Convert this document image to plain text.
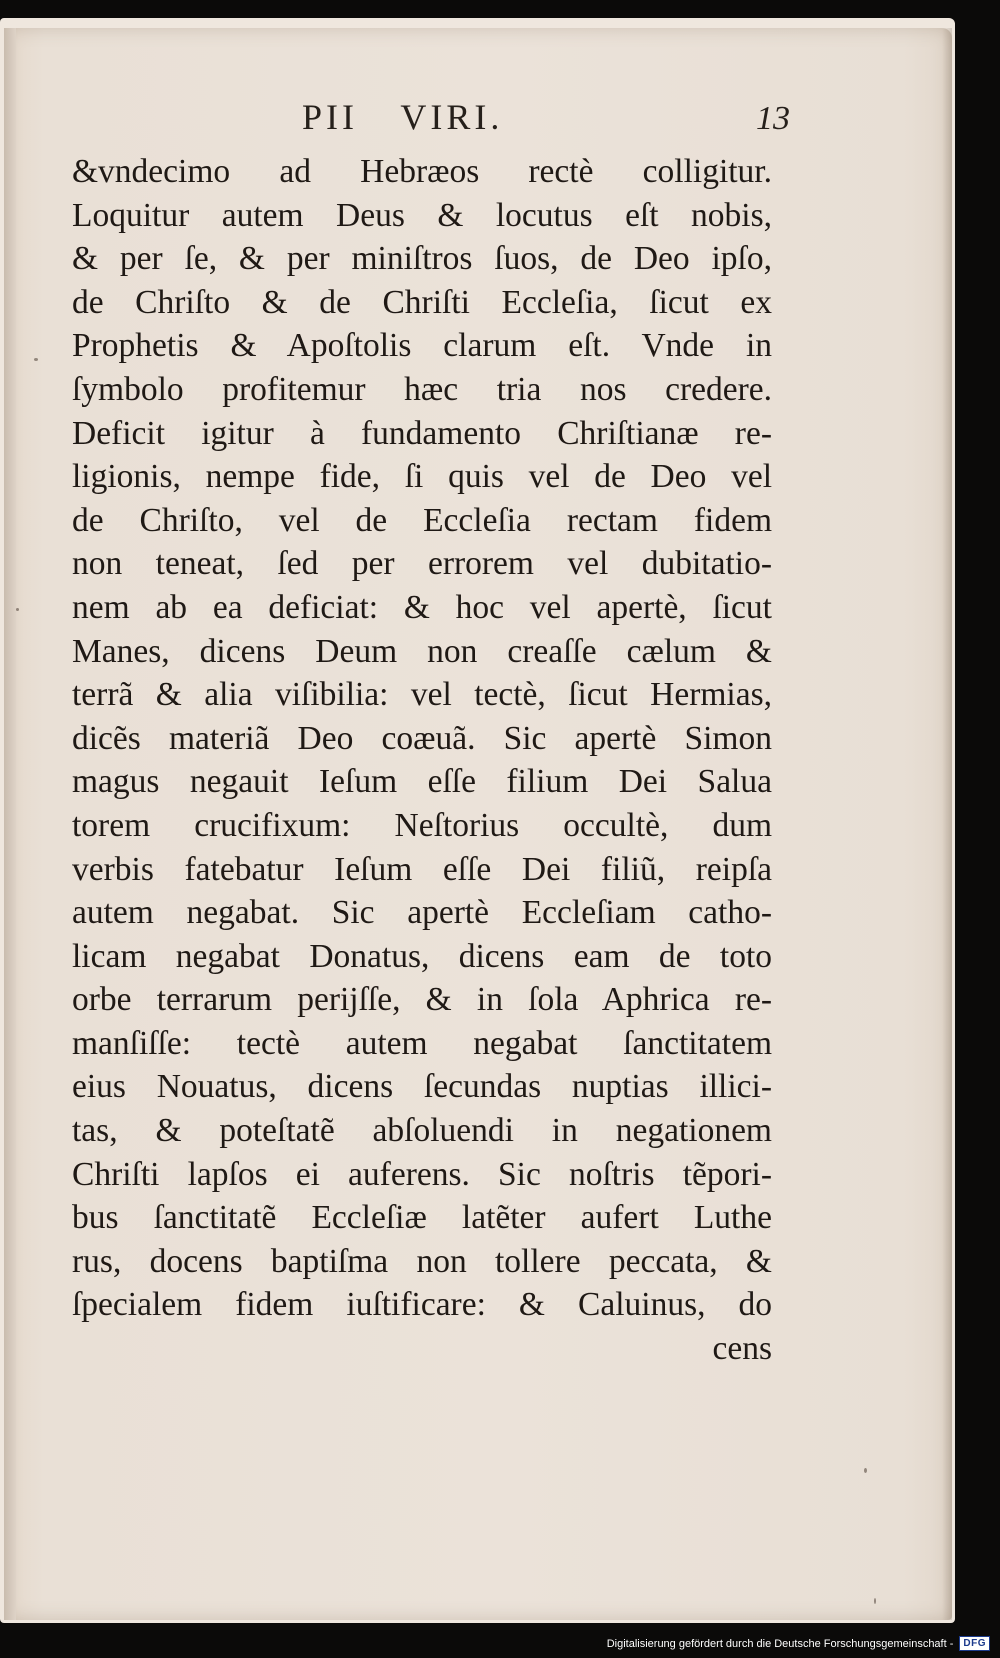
PII VIRI.	13
&vndecimo ad Hebræos rectè colligitur.
Loquitur autem Deus & locutus eſt nobis,
& per ſe, & per miniſtros ſuos, de Deo ipſo,
de Chriſto & de Chriſti Eccleſia, ſicut ex
Prophetis & Apoſtolis clarum eſt. Vnde in
ſymbolo profitemur hæc tria nos credere.
Deficit igitur à fundamento Chriſtianæ re-
ligionis, nempe fide, ſi quis vel de Deo vel
de Chriſto, vel de Eccleſia rectam fidem
non teneat, ſed per errorem vel dubitatio-
nem ab ea deficiat: & hoc vel apertè, ſicut
Manes, dicens Deum non creaſſe cælum &
terrã & alia viſibilia: vel tectè, ſicut Hermias,
dicẽs materiã Deo coæuã. Sic apertè Simon
magus negauit Ieſum eſſe filium Dei Salua
torem crucifixum: Neſtorius occultè, dum
verbis fatebatur Ieſum eſſe Dei filiũ, reipſa
autem negabat. Sic apertè Eccleſiam catho-
licam negabat Donatus, dicens eam de toto
orbe terrarum perijſſe, & in ſola Aphrica re-
manſiſſe: tectè autem negabat ſanctitatem
eius Nouatus, dicens ſecundas nuptias illici-
tas, & poteſtatẽ abſoluendi in negationem
Chriſti lapſos ei auferens. Sic noſtris tẽpori-
bus ſanctitatẽ Eccleſiæ latẽter aufert Luthe
rus, docens baptiſma non tollere peccata, &
ſpecialem fidem iuſtificare: & Caluinus, do
cens
Digitalisierung gefördert durch die Deutsche Forschungsgemeinschaft -	DFG
